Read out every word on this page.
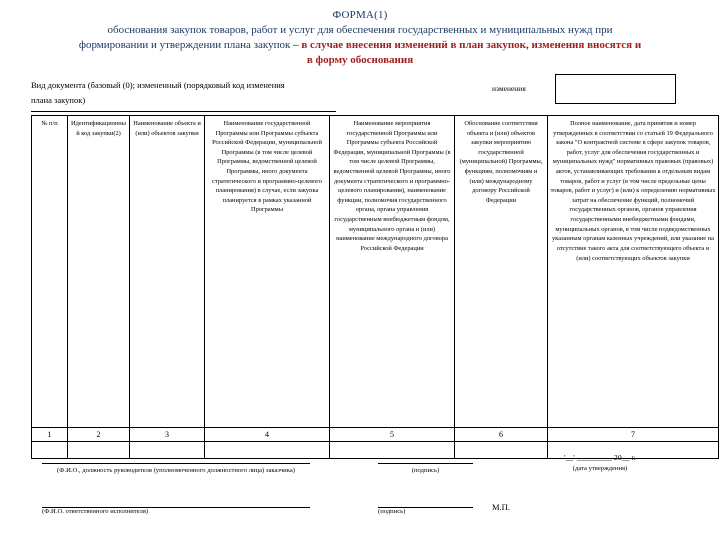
ФОРМА(1)
обоснования закупок товаров, работ и услуг для обеспечения государственных и муниципальных нужд при
формировании и утверждении плана закупок – в случае внесения изменений в план закупок, изменения вносятся и
в форму обоснования
Вид документа (базовый (0); измененный (порядковый код изменения
плана закупок)
изменения
№ п/п	Идентификационный код закупки(2)	Наименование объекта и (или) объектов закупки	Наименование государственной Программы или Программы субъекта Российской Федерации, муниципальной Программы (в том числе целевой Программы, ведомственной целевой Программы, иного документа стратегического и программно-целевого планирования) в случае, если закупка планируется в рамках указанной Программы	Наименование мероприятия государственной Программы или Программы субъекта Российской Федерации, муниципальной Программы (в том числе целевой Программы, ведомственной целевой Программы, иного документа стратегического и программно-целевого планирования), наименование функции, полномочия государственного органа, органа управления государственным внебюджетным фондом, муниципального органа и (или) наименование международного договора Российской Федерации	Обоснование соответствия объекта и (или) объектов закупки мероприятию государственной (муниципальной) Программы, функциям, полномочиям и (или) международному договору Российской Федерации	Полное наименование, дата принятия и номер утвержденных в соответствии со статьей 19 Федерального закона "О контрактной системе в сфере закупок товаров, работ, услуг для обеспечения государственных и муниципальных нужд" нормативных правовых (правовых) актов, устанавливающих требования к отдельным видам товаров, работ и услуг (в том числе предельные цены товаров, работ и услуг) и (или) к определению нормативных затрат на обеспечение функций, полномочий государственных органов, органов управления государственными внебюджетными фондами, муниципальных органов, в том числе подведомственных указанным органам казенных учреждений, или указание на отсутствие такого акта для соответствующего объекта и (или) соответствующих объектов закупки
1	2	3	4	5	6	7

(Ф.И.О., должность руководителя (уполномоченного должностного лица) заказчика)	(подпись)
'__' _________ 20__ г.
(дата утверждения)
(Ф.И.О. ответственного исполнителя)	(подпись)	М.П.
